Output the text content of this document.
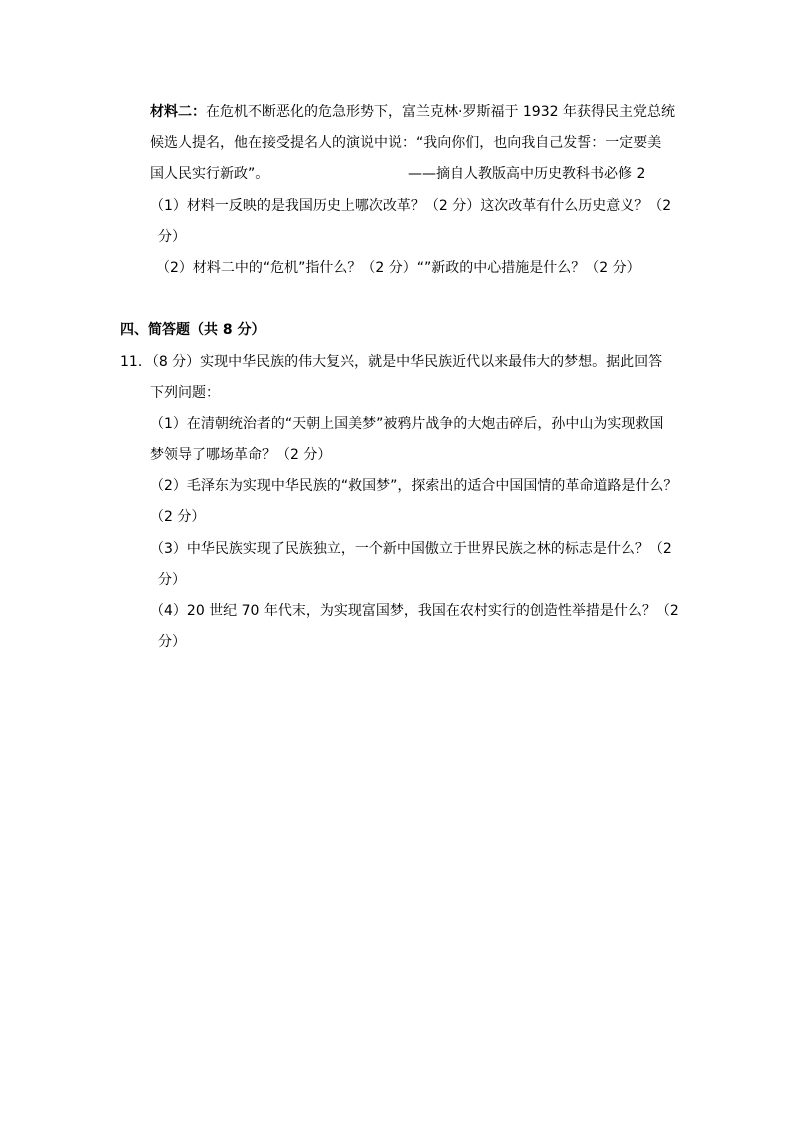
材料二：在危机不断恶化的危急形势下，富兰克林·罗斯福于 1932 年获得民主党总统
候选人提名，他在接受提名人的演说中说：“我向你们，也向我自己发誓：一定要美
国人民实行新政”。	——摘自人教版高中历史教科书必修 2
（1）材料一反映的是我国历史上哪次改革？（2 分）这次改革有什么历史意义？（2
分）
（2）材料二中的“危机”指什么？（2 分）“”新政的中心措施是什么？（2 分）
四、简答题（共 8 分）
11．（8 分）实现中华民族的伟大复兴，就是中华民族近代以来最伟大的梦想。据此回答
下列问题：
（1）在清朝统治者的“天朝上国美梦”被鸦片战争的大炮击碎后，孙中山为实现救国
梦领导了哪场革命？（2 分）
（2）毛泽东为实现中华民族的“救国梦”，探索出的适合中国国情的革命道路是什么？
（2 分）
（3）中华民族实现了民族独立，一个新中国傲立于世界民族之林的标志是什么？（2
分）
（4）20 世纪 70 年代末，为实现富国梦，我国在农村实行的创造性举措是什么？（2
分）
